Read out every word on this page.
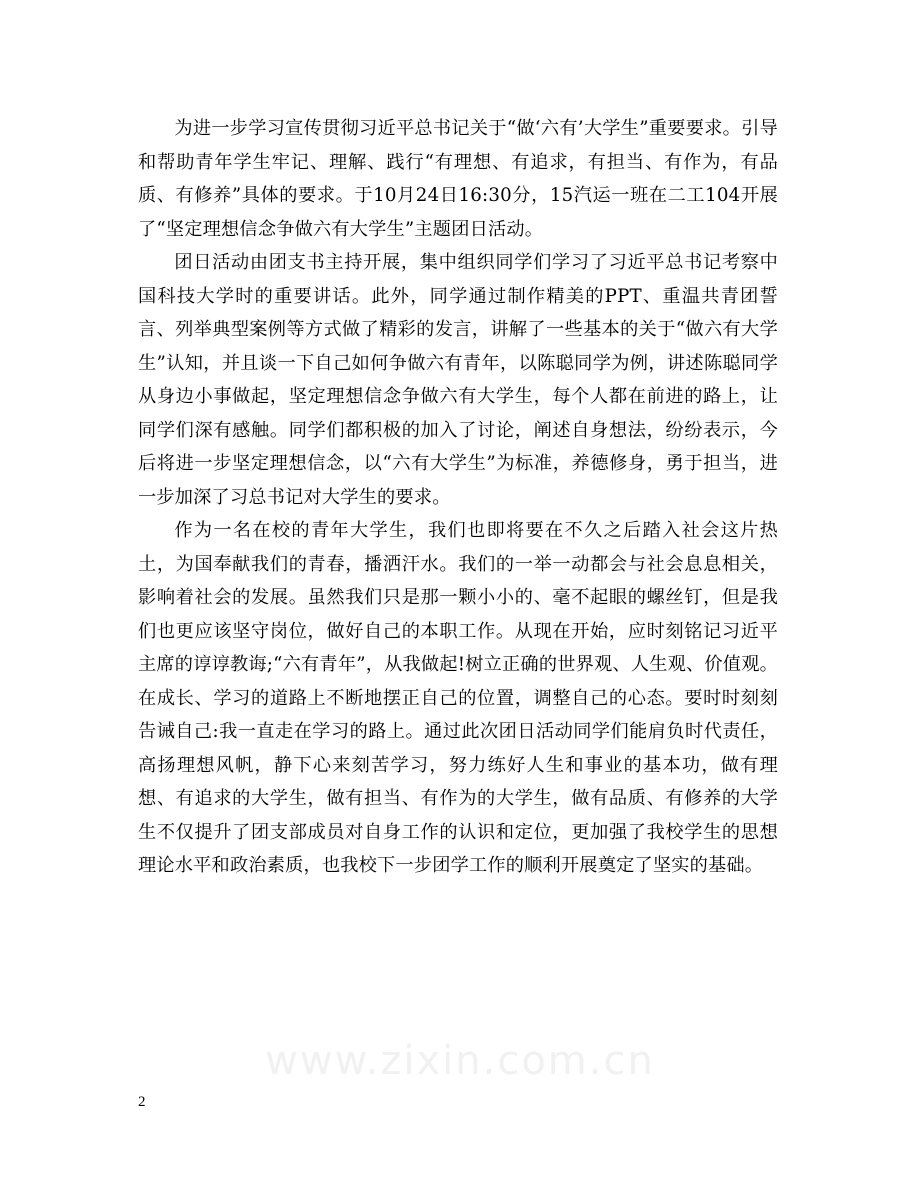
为进一步学习宣传贯彻习近平总书记关于“做‘六有’大学生”重要要求。引导和帮助青年学生牢记、理解、践行“有理想、有追求，有担当、有作为，有品质、有修养”具体的要求。于10月24日16:30分，15汽运一班在二工104开展了“坚定理想信念争做六有大学生”主题团日活动。

团日活动由团支书主持开展，集中组织同学们学习了习近平总书记考察中国科技大学时的重要讲话。此外，同学通过制作精美的PPT、重温共青团誓言、列举典型案例等方式做了精彩的发言，讲解了一些基本的关于“做六有大学生”认知，并且谈一下自己如何争做六有青年，以陈聪同学为例，讲述陈聪同学从身边小事做起，坚定理想信念争做六有大学生，每个人都在前进的路上，让同学们深有感触。同学们都积极的加入了讨论，阐述自身想法，纷纷表示，今后将进一步坚定理想信念，以“六有大学生”为标准，养德修身，勇于担当，进一步加深了习总书记对大学生的要求。

作为一名在校的青年大学生，我们也即将要在不久之后踏入社会这片热土，为国奉献我们的青春，播洒汗水。我们的一举一动都会与社会息息相关，影响着社会的发展。虽然我们只是那一颗小小的、毫不起眼的螺丝钉，但是我们也更应该坚守岗位，做好自己的本职工作。从现在开始，应时刻铭记习近平主席的谆谆教诲;“六有青年”，从我做起!树立正确的世界观、人生观、价值观。在成长、学习的道路上不断地摆正自己的位置，调整自己的心态。要时时刻刻告诫自己:我一直走在学习的路上。通过此次团日活动同学们能肩负时代责任，高扬理想风帆，静下心来刻苦学习，努力练好人生和事业的基本功，做有理想、有追求的大学生，做有担当、有作为的大学生，做有品质、有修养的大学生不仅提升了团支部成员对自身工作的认识和定位，更加强了我校学生的思想理论水平和政治素质，也我校下一步团学工作的顺利开展奠定了坚实的基础。

www.zixin.com.cn
2
